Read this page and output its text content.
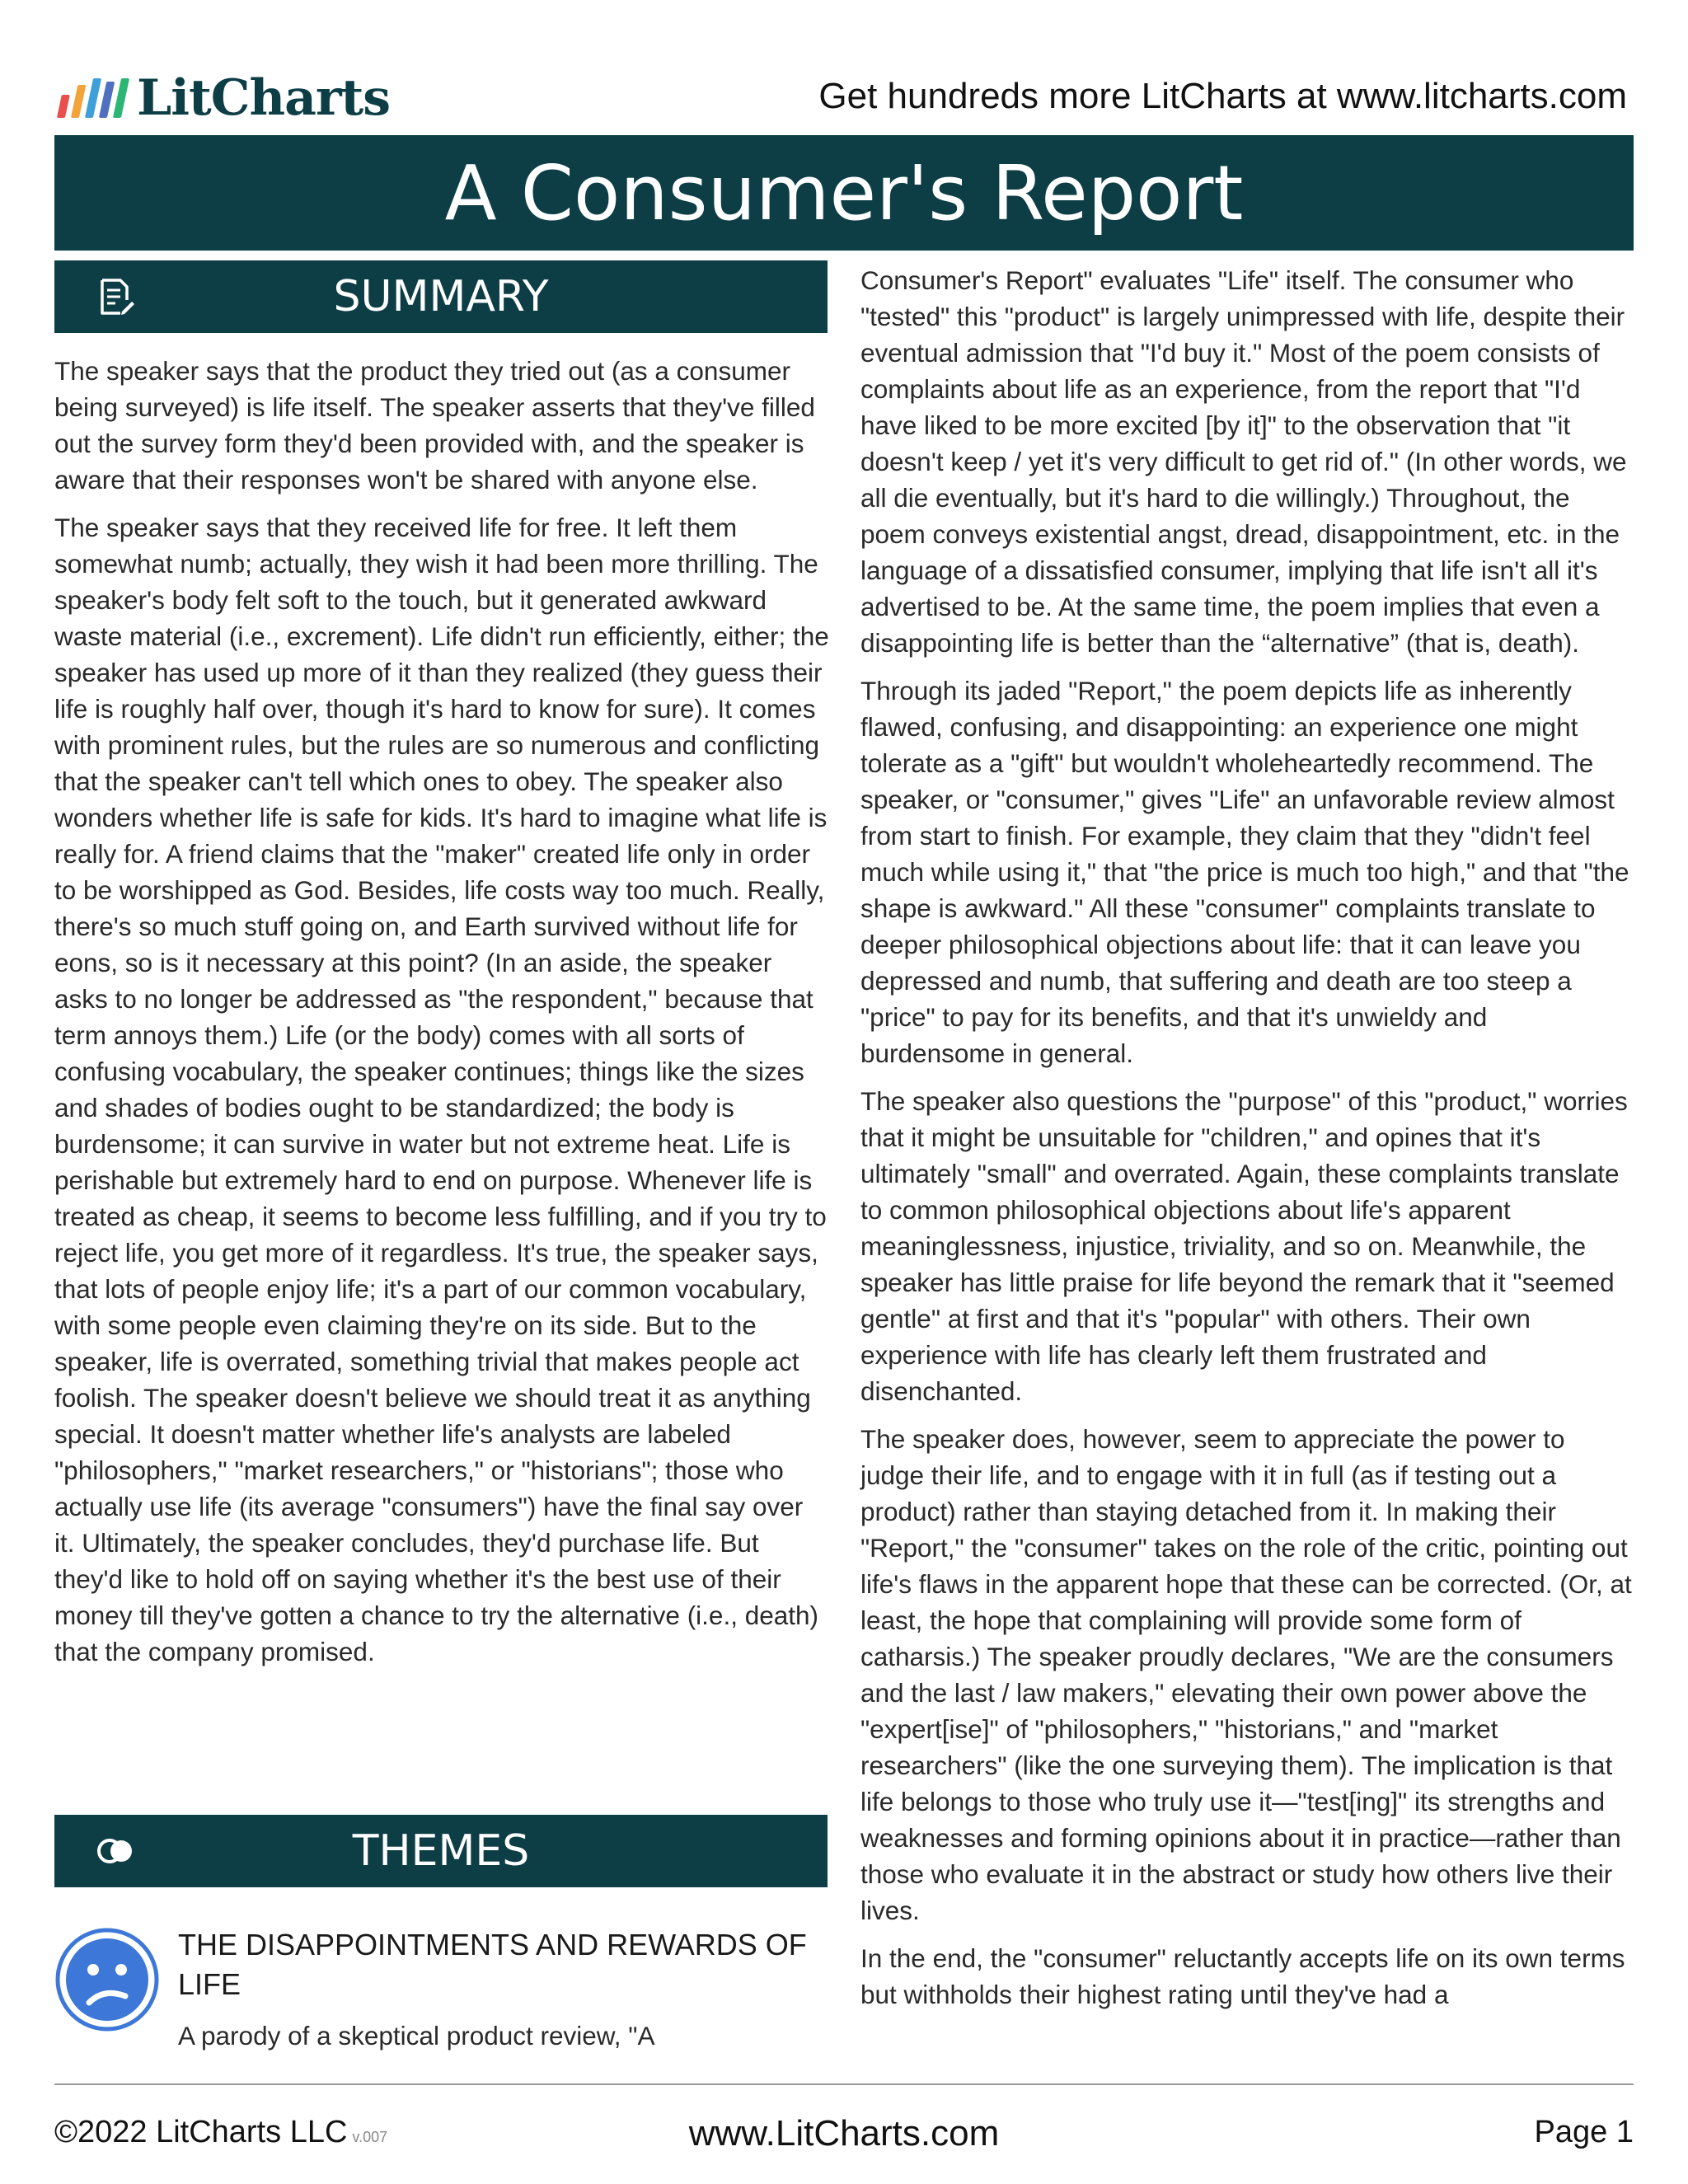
LitCharts	Get hundreds more LitCharts at www.litcharts.com
A Consumer's Report
SUMMARY

The speaker says that the product they tried out (as a consumer being surveyed) is life itself. The speaker asserts that they've filled out the survey form they'd been provided with, and the speaker is aware that their responses won't be shared with anyone else.

The speaker says that they received life for free. It left them somewhat numb; actually, they wish it had been more thrilling. The speaker's body felt soft to the touch, but it generated awkward waste material (i.e., excrement). Life didn't run efficiently, either; the speaker has used up more of it than they realized (they guess their life is roughly half over, though it's hard to know for sure). It comes with prominent rules, but the rules are so numerous and conflicting that the speaker can't tell which ones to obey. The speaker also wonders whether life is safe for kids. It's hard to imagine what life is really for. A friend claims that the "maker" created life only in order to be worshipped as God. Besides, life costs way too much. Really, there's so much stuff going on, and Earth survived without life for eons, so is it necessary at this point? (In an aside, the speaker asks to no longer be addressed as "the respondent," because that term annoys them.) Life (or the body) comes with all sorts of confusing vocabulary, the speaker continues; things like the sizes and shades of bodies ought to be standardized; the body is burdensome; it can survive in water but not extreme heat. Life is perishable but extremely hard to end on purpose. Whenever life is treated as cheap, it seems to become less fulfilling, and if you try to reject life, you get more of it regardless. It's true, the speaker says, that lots of people enjoy life; it's a part of our common vocabulary, with some people even claiming they're on its side. But to the speaker, life is overrated, something trivial that makes people act foolish. The speaker doesn't believe we should treat it as anything special. It doesn't matter whether life's analysts are labeled "philosophers," "market researchers," or "historians"; those who actually use life (its average "consumers") have the final say over it. Ultimately, the speaker concludes, they'd purchase life. But they'd like to hold off on saying whether it's the best use of their money till they've gotten a chance to try the alternative (i.e., death) that the company promised.

THEMES
THE DISAPPOINTMENTS AND REWARDS OF LIFE
A parody of a skeptical product review, "A

Consumer's Report" evaluates "Life" itself. The consumer who "tested" this "product" is largely unimpressed with life, despite their eventual admission that "I'd buy it." Most of the poem consists of complaints about life as an experience, from the report that "I'd have liked to be more excited [by it]" to the observation that "it doesn't keep / yet it's very difficult to get rid of." (In other words, we all die eventually, but it's hard to die willingly.) Throughout, the poem conveys existential angst, dread, disappointment, etc. in the language of a dissatisfied consumer, implying that life isn't all it's advertised to be. At the same time, the poem implies that even a disappointing life is better than the “alternative” (that is, death).

Through its jaded "Report," the poem depicts life as inherently flawed, confusing, and disappointing: an experience one might tolerate as a "gift" but wouldn't wholeheartedly recommend. The speaker, or "consumer," gives "Life" an unfavorable review almost from start to finish. For example, they claim that they "didn't feel much while using it," that "the price is much too high," and that "the shape is awkward." All these "consumer" complaints translate to deeper philosophical objections about life: that it can leave you depressed and numb, that suffering and death are too steep a "price" to pay for its benefits, and that it's unwieldy and burdensome in general.

The speaker also questions the "purpose" of this "product," worries that it might be unsuitable for "children," and opines that it's ultimately "small" and overrated. Again, these complaints translate to common philosophical objections about life's apparent meaninglessness, injustice, triviality, and so on. Meanwhile, the speaker has little praise for life beyond the remark that it "seemed gentle" at first and that it's "popular" with others. Their own experience with life has clearly left them frustrated and disenchanted.

The speaker does, however, seem to appreciate the power to judge their life, and to engage with it in full (as if testing out a product) rather than staying detached from it. In making their "Report," the "consumer" takes on the role of the critic, pointing out life's flaws in the apparent hope that these can be corrected. (Or, at least, the hope that complaining will provide some form of catharsis.) The speaker proudly declares, "We are the consumers and the last / law makers," elevating their own power above the "expert[ise]" of "philosophers," "historians," and "market researchers" (like the one surveying them). The implication is that life belongs to those who truly use it—"test[ing]" its strengths and weaknesses and forming opinions about it in practice—rather than those who evaluate it in the abstract or study how others live their lives.

In the end, the "consumer" reluctantly accepts life on its own terms but withholds their highest rating until they've had a

©2022 LitCharts LLC v.007	www.LitCharts.com	Page 1
